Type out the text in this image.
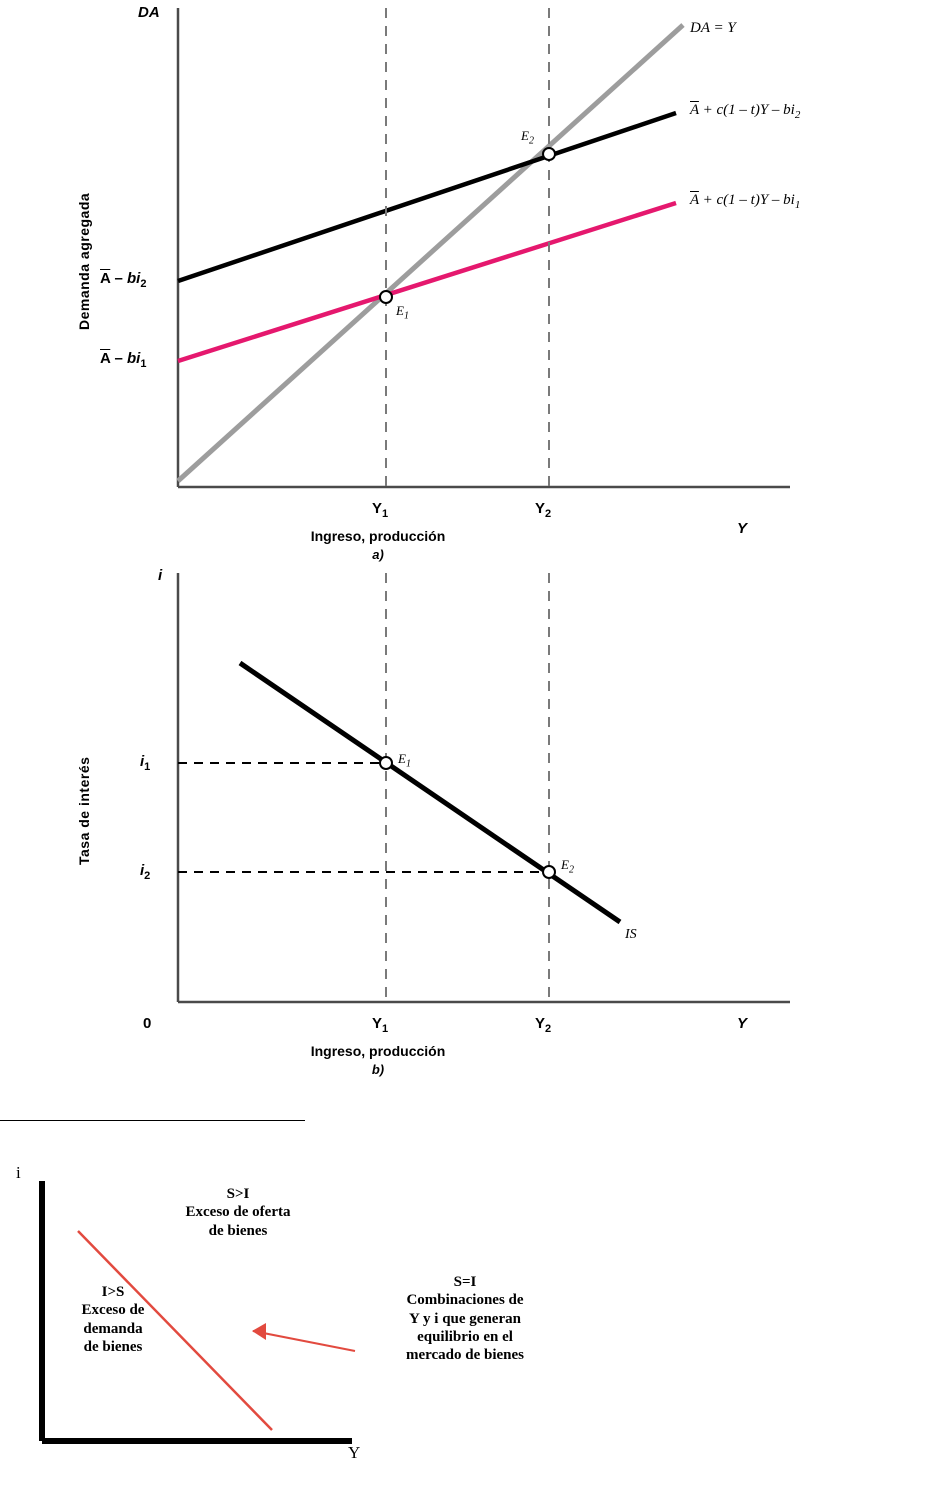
DA
Y
Demanda agregada
$Y_1$	$Y_2$
$\overline{A} - bi_2$
$\overline{A} - bi_1$
DA = Y
$\overline{A} + c(1 - t)Y - bi_2$
$\overline{A} + c(1 - t)Y - bi_1$
$E_1$
$E_2$
Ingreso, producción
a)
i
Y
Tasa de interés
0	$Y_1$	$Y_2$
$i_1$
$i_2$
$E_1$
$E_2$
IS
Ingreso, producción
b)
i
Y
S>I
Exceso de oferta
de bienes
I>S
Exceso de
demanda
de bienes
S=I
Combinaciones de
Y y i que generan
equilibrio en el
mercado de bienes
